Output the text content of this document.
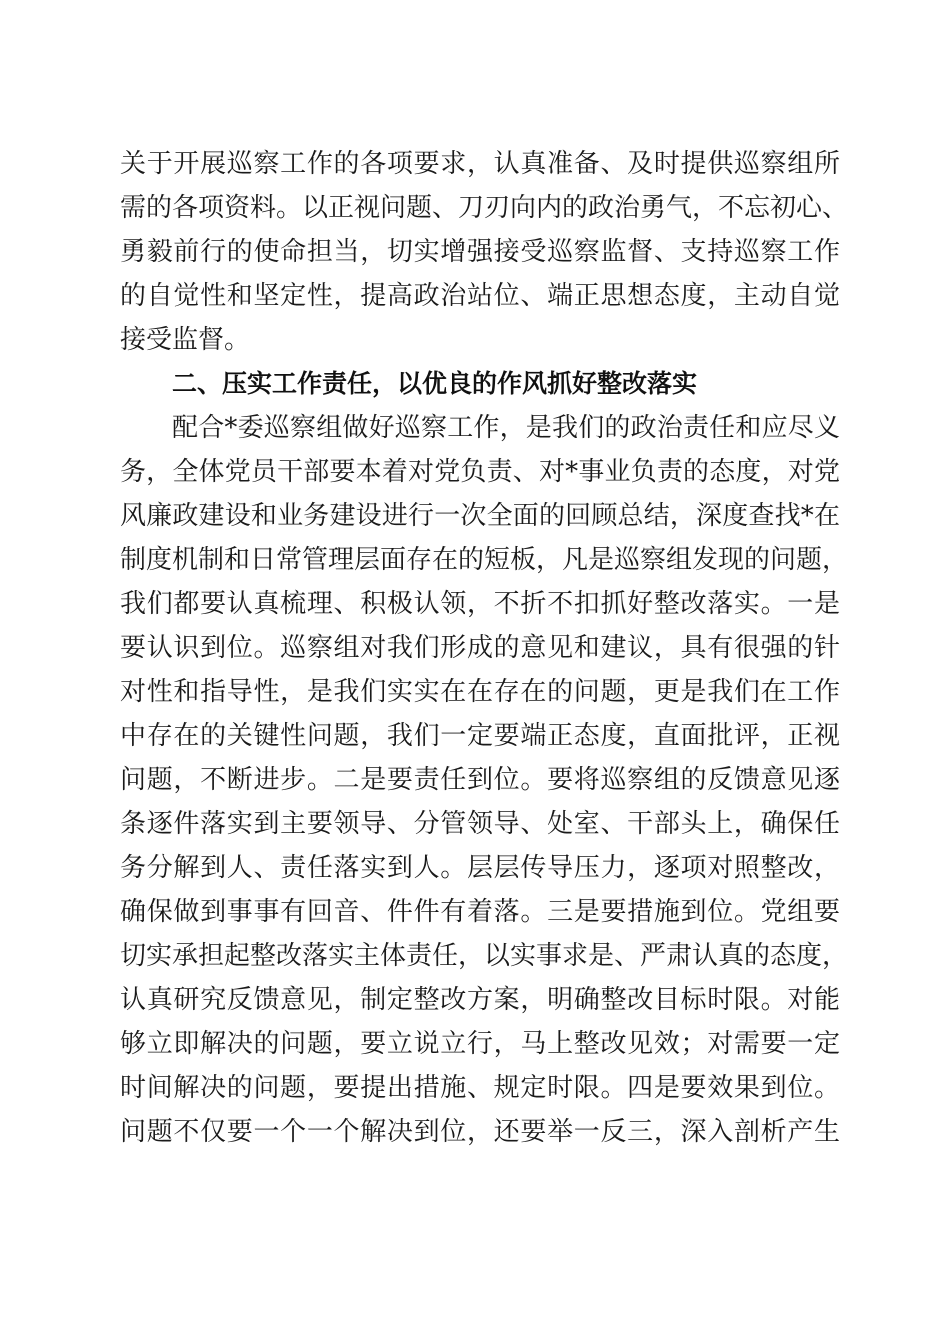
关于开展巡察工作的各项要求，认真准备、及时提供巡察组所
需的各项资料。以正视问题、刀刃向内的政治勇气，不忘初心、
勇毅前行的使命担当，切实增强接受巡察监督、支持巡察工作
的自觉性和坚定性，提高政治站位、端正思想态度，主动自觉
接受监督。
二、压实工作责任，以优良的作风抓好整改落实
配合*委巡察组做好巡察工作，是我们的政治责任和应尽义
务，全体党员干部要本着对党负责、对*事业负责的态度，对党
风廉政建设和业务建设进行一次全面的回顾总结，深度查找*在
制度机制和日常管理层面存在的短板，凡是巡察组发现的问题，
我们都要认真梳理、积极认领，不折不扣抓好整改落实。一是
要认识到位。巡察组对我们形成的意见和建议，具有很强的针
对性和指导性，是我们实实在在存在的问题，更是我们在工作
中存在的关键性问题，我们一定要端正态度，直面批评，正视
问题，不断进步。二是要责任到位。要将巡察组的反馈意见逐
条逐件落实到主要领导、分管领导、处室、干部头上，确保任
务分解到人、责任落实到人。层层传导压力，逐项对照整改，
确保做到事事有回音、件件有着落。三是要措施到位。党组要
切实承担起整改落实主体责任，以实事求是、严肃认真的态度，
认真研究反馈意见，制定整改方案，明确整改目标时限。对能
够立即解决的问题，要立说立行，马上整改见效；对需要一定
时间解决的问题，要提出措施、规定时限。四是要效果到位。
问题不仅要一个一个解决到位，还要举一反三，深入剖析产生
